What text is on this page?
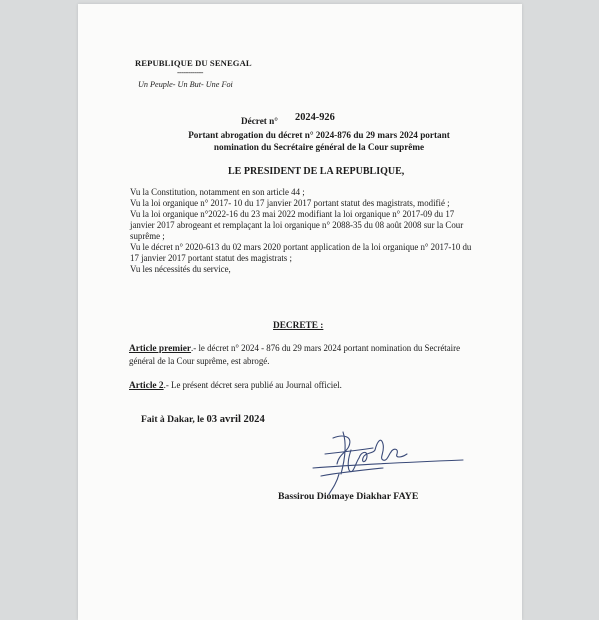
REPUBLIQUE DU SENEGAL
------------
Un Peuple- Un But- Une Foi
Décret n° 2024-926
Portant abrogation du décret n° 2024-876 du 29 mars 2024 portant nomination du Secrétaire général de la Cour suprême
LE PRESIDENT DE LA REPUBLIQUE,
Vu la Constitution, notamment en son article 44 ;
Vu la loi organique n° 2017- 10 du 17 janvier 2017 portant statut des magistrats, modifié ;
Vu la loi organique n°2022-16 du 23 mai 2022 modifiant la loi organique n° 2017-09 du 17 janvier 2017 abrogeant et remplaçant la loi organique n° 2088-35 du 08 août 2008 sur la Cour suprême ;
Vu le décret n° 2020-613 du 02 mars 2020 portant application de la loi organique n° 2017-10 du 17 janvier 2017 portant statut des magistrats ;
Vu les nécessités du service,
DECRETE :
Article premier.- le décret n° 2024 - 876 du 29 mars 2024 portant nomination du Secrétaire général de la Cour suprême, est abrogé.
Article 2.- Le présent décret sera publié au Journal officiel.
Fait à Dakar, le 03 avril 2024
Bassirou Diomaye Diakhar FAYE
